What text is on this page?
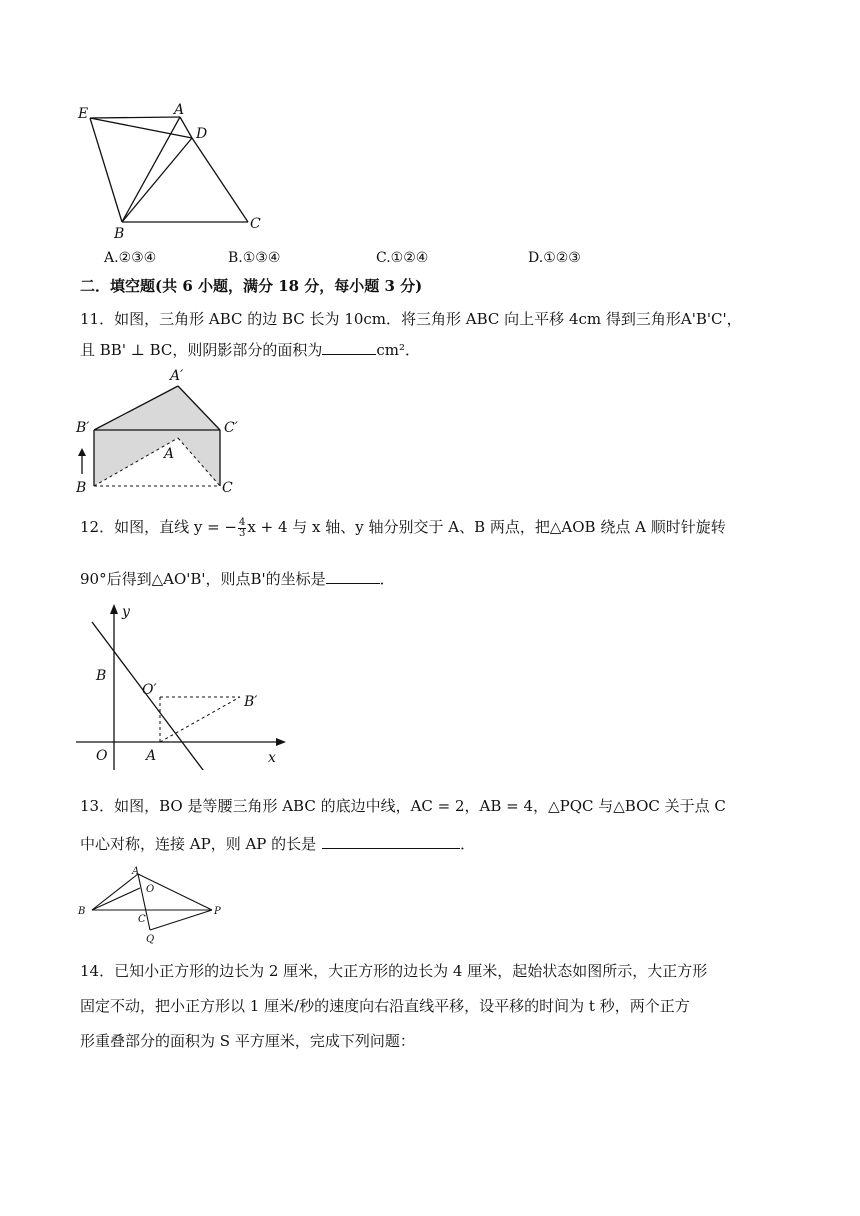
E	A
D
B
C
A.②③④	B.①③④	C.①②④	D.①②③
二．填空题(共 6 小题，满分 18 分，每小题 3 分)
11．如图，三角形 ABC 的边 BC 长为 10cm．将三角形 ABC 向上平移 4cm 得到三角形A'B'C'，
且 BB' ⊥ BC，则阴影部分的面积为	cm²．
A′
B′	C′
A
B	C
12．如图，直线 y = − $\frac{4}{3}$ x + 4 与 x 轴、y 轴分别交于 A、B 两点，把△AOB 绕点 A 顺时针旋转
90°后得到△AO'B'，则点B'的坐标是	．
y
x
B
O′
B′
O	A
13．如图，BO 是等腰三角形 ABC 的底边中线，AC = 2，AB = 4，△PQC 与△BOC 关于点 C
中心对称，连接 AP，则 AP 的长是	．
A
O
B
C
P
Q
14．已知小正方形的边长为 2 厘米，大正方形的边长为 4 厘米，起始状态如图所示，大正方形
固定不动，把小正方形以 1 厘米/秒的速度向右沿直线平移，设平移的时间为 t 秒，两个正方
形重叠部分的面积为 S 平方厘米，完成下列问题：
